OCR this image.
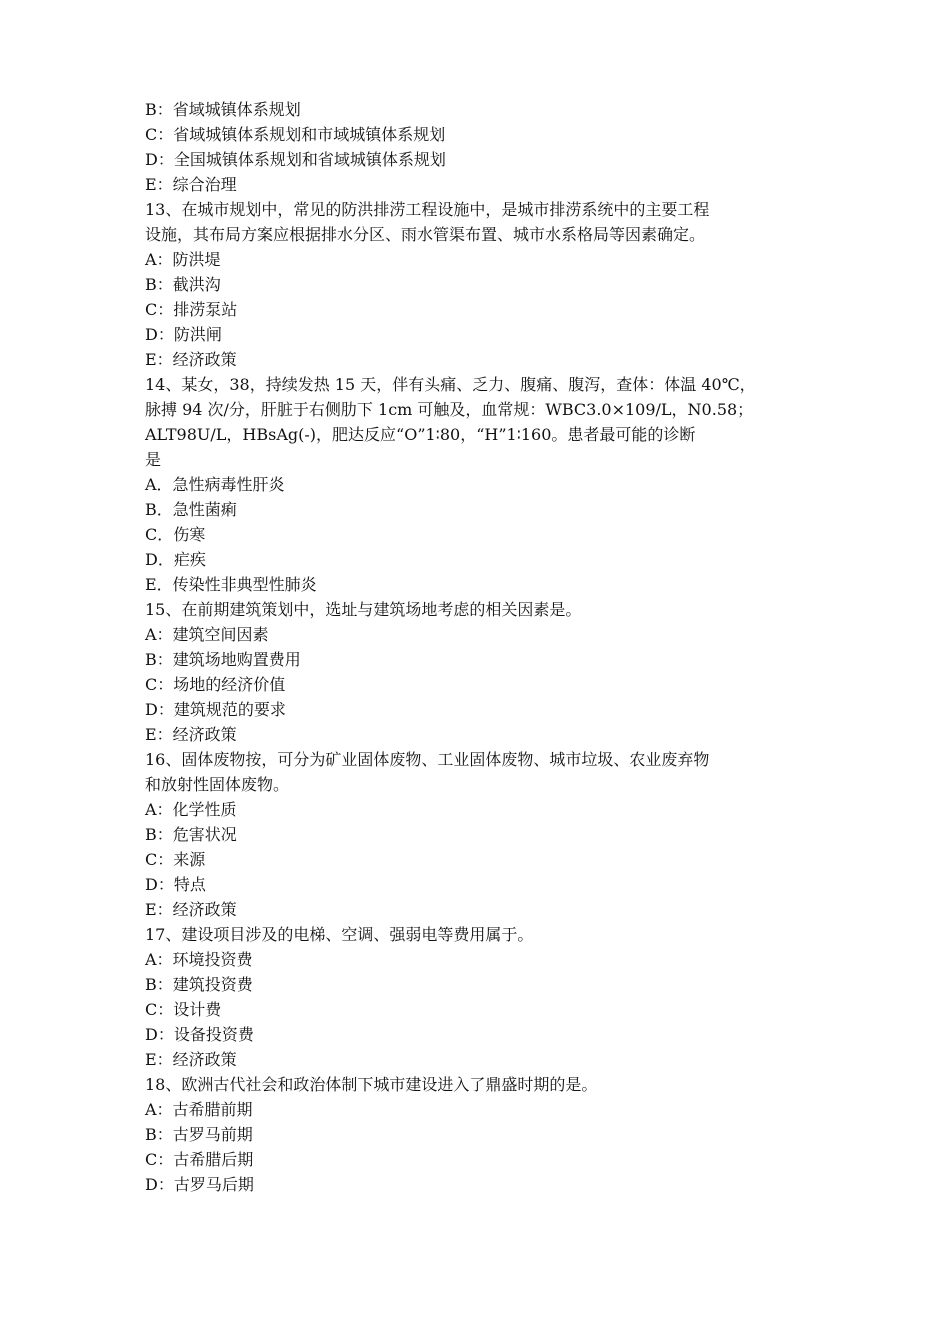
B：省域城镇体系规划

C：省域城镇体系规划和市域城镇体系规划

D：全国城镇体系规划和省域城镇体系规划

E：综合治理

13、在城市规划中，常见的防洪排涝工程设施中，是城市排涝系统中的主要工程

设施，其布局方案应根据排水分区、雨水管渠布置、城市水系格局等因素确定。

A：防洪堤

B：截洪沟

C：排涝泵站

D：防洪闸

E：经济政策

14、某女，38，持续发热 15 天，伴有头痛、乏力、腹痛、腹泻，查体：体温 40℃，

脉搏 94 次/分，肝脏于右侧肋下 1cm 可触及，血常规：WBC3.0×109/L，N0.58；

ALT98U/L，HBsAg(-)，肥达反应“O”1∶80，“H”1∶160。患者最可能的诊断

是

A．急性病毒性肝炎

B．急性菌痢

C．伤寒

D．疟疾

E．传染性非典型性肺炎

15、在前期建筑策划中，选址与建筑场地考虑的相关因素是。

A：建筑空间因素

B：建筑场地购置费用

C：场地的经济价值

D：建筑规范的要求

E：经济政策

16、固体废物按，可分为矿业固体废物、工业固体废物、城市垃圾、农业废弃物

和放射性固体废物。

A：化学性质

B：危害状况

C：来源

D：特点

E：经济政策

17、建设项目涉及的电梯、空调、强弱电等费用属于。

A：环境投资费

B：建筑投资费

C：设计费

D：设备投资费

E：经济政策

18、欧洲古代社会和政治体制下城市建设进入了鼎盛时期的是。

A：古希腊前期

B：古罗马前期

C：古希腊后期

D：古罗马后期
